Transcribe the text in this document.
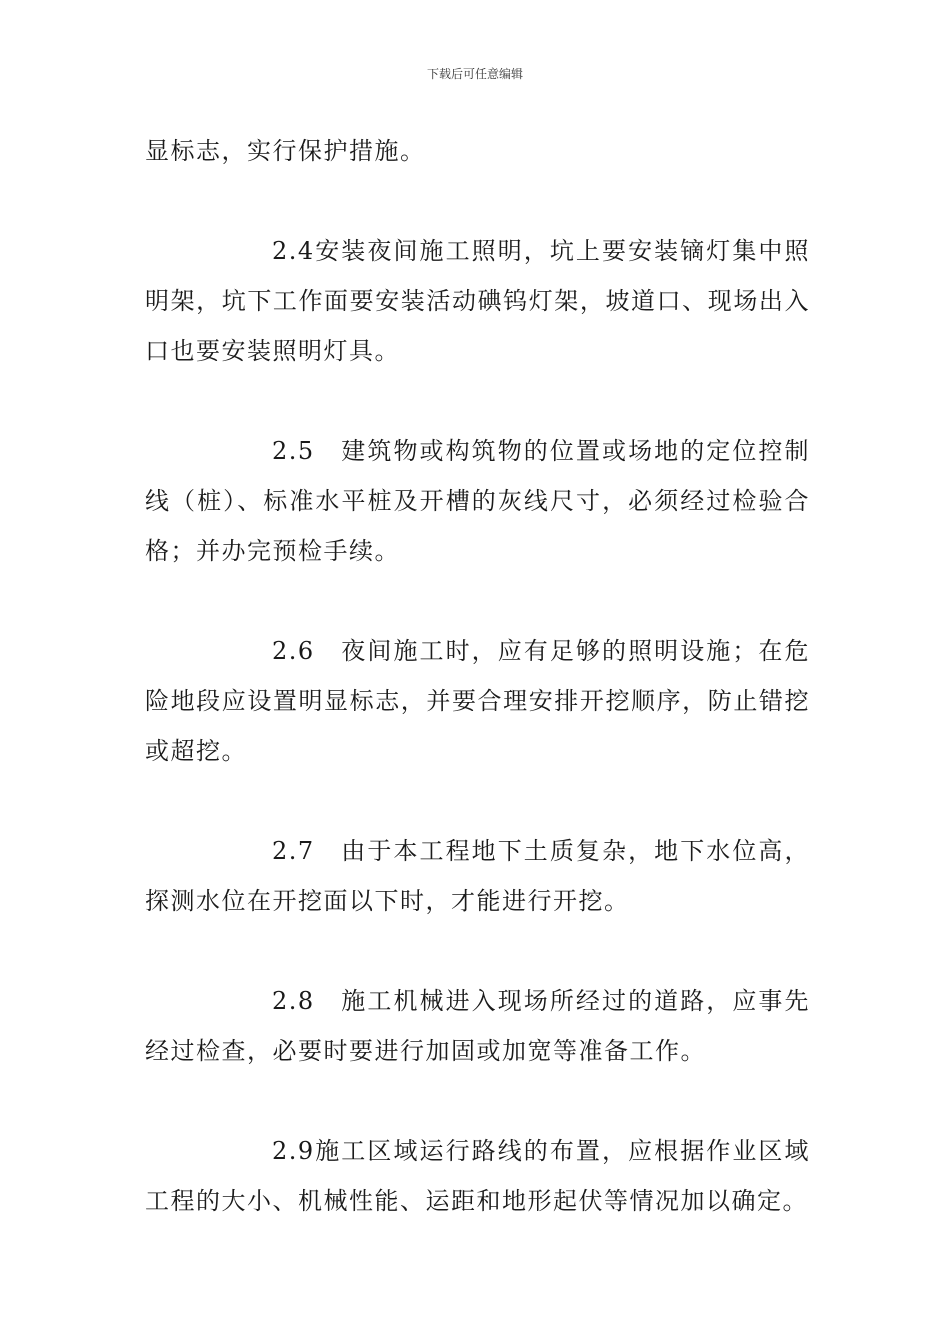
下载后可任意编辑

显标志，实行保护措施。

2.4安装夜间施工照明，坑上要安装镝灯集中照明架，坑下工作面要安装活动碘钨灯架，坡道口、现场出入口也要安装照明灯具。

2.5　建筑物或构筑物的位置或场地的定位控制线（桩）、标准水平桩及开槽的灰线尺寸，必须经过检验合格；并办完预检手续。

2.6　夜间施工时，应有足够的照明设施；在危险地段应设置明显标志，并要合理安排开挖顺序，防止错挖或超挖。

2.7　由于本工程地下土质复杂，地下水位高，探测水位在开挖面以下时，才能进行开挖。

2.8　施工机械进入现场所经过的道路，应事先经过检查，必要时要进行加固或加宽等准备工作。

2.9施工区域运行路线的布置，应根据作业区域工程的大小、机械性能、运距和地形起伏等情况加以确定。
